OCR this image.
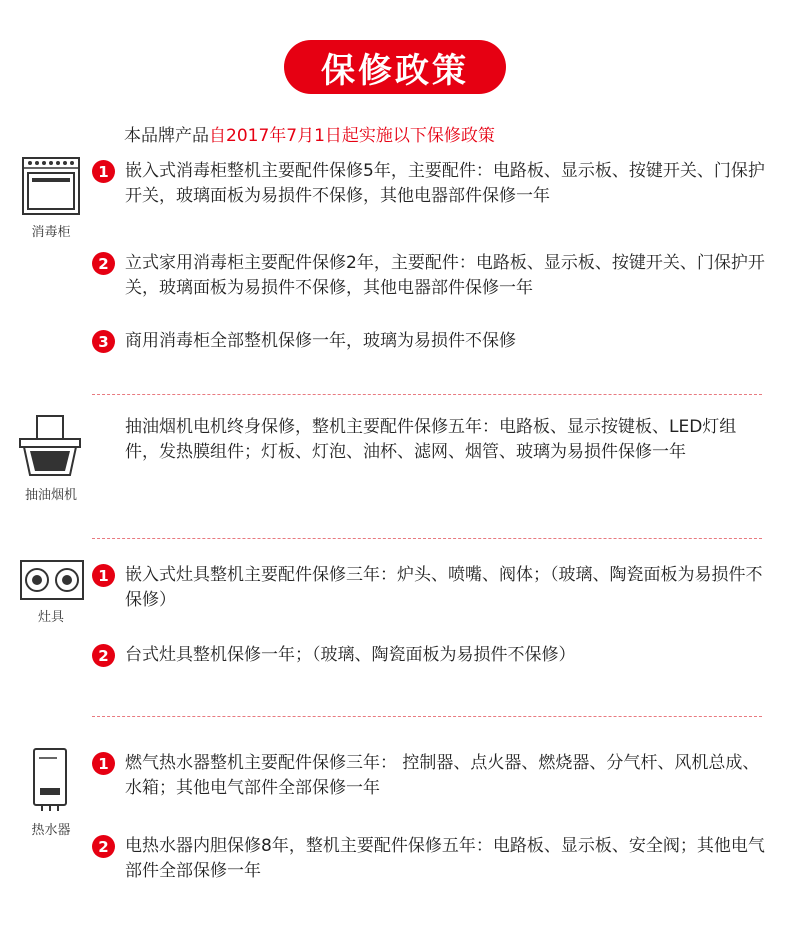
保修政策
本品牌产品自2017年7月1日起实施以下保修政策
消毒柜
1 嵌入式消毒柜整机主要配件保修5年，主要配件：电路板、显示板、按键开关、门保护开关，玻璃面板为易损件不保修，其他电器部件保修一年
2 立式家用消毒柜主要配件保修2年，主要配件：电路板、显示板、按键开关、门保护开关，玻璃面板为易损件不保修，其他电器部件保修一年
3 商用消毒柜全部整机保修一年，玻璃为易损件不保修
抽油烟机
抽油烟机电机终身保修，整机主要配件保修五年：电路板、显示按键板、LED灯组件，发热膜组件；灯板、灯泡、油杯、滤网、烟管、玻璃为易损件保修一年
灶具
1 嵌入式灶具整机主要配件保修三年：炉头、喷嘴、阀体；（玻璃、陶瓷面板为易损件不保修）
2 台式灶具整机保修一年；（玻璃、陶瓷面板为易损件不保修）
热水器
1 燃气热水器整机主要配件保修三年： 控制器、点火器、燃烧器、分气杆、风机总成、水箱；其他电气部件全部保修一年
2 电热水器内胆保修8年，整机主要配件保修五年：电路板、显示板、安全阀；其他电气部件全部保修一年
